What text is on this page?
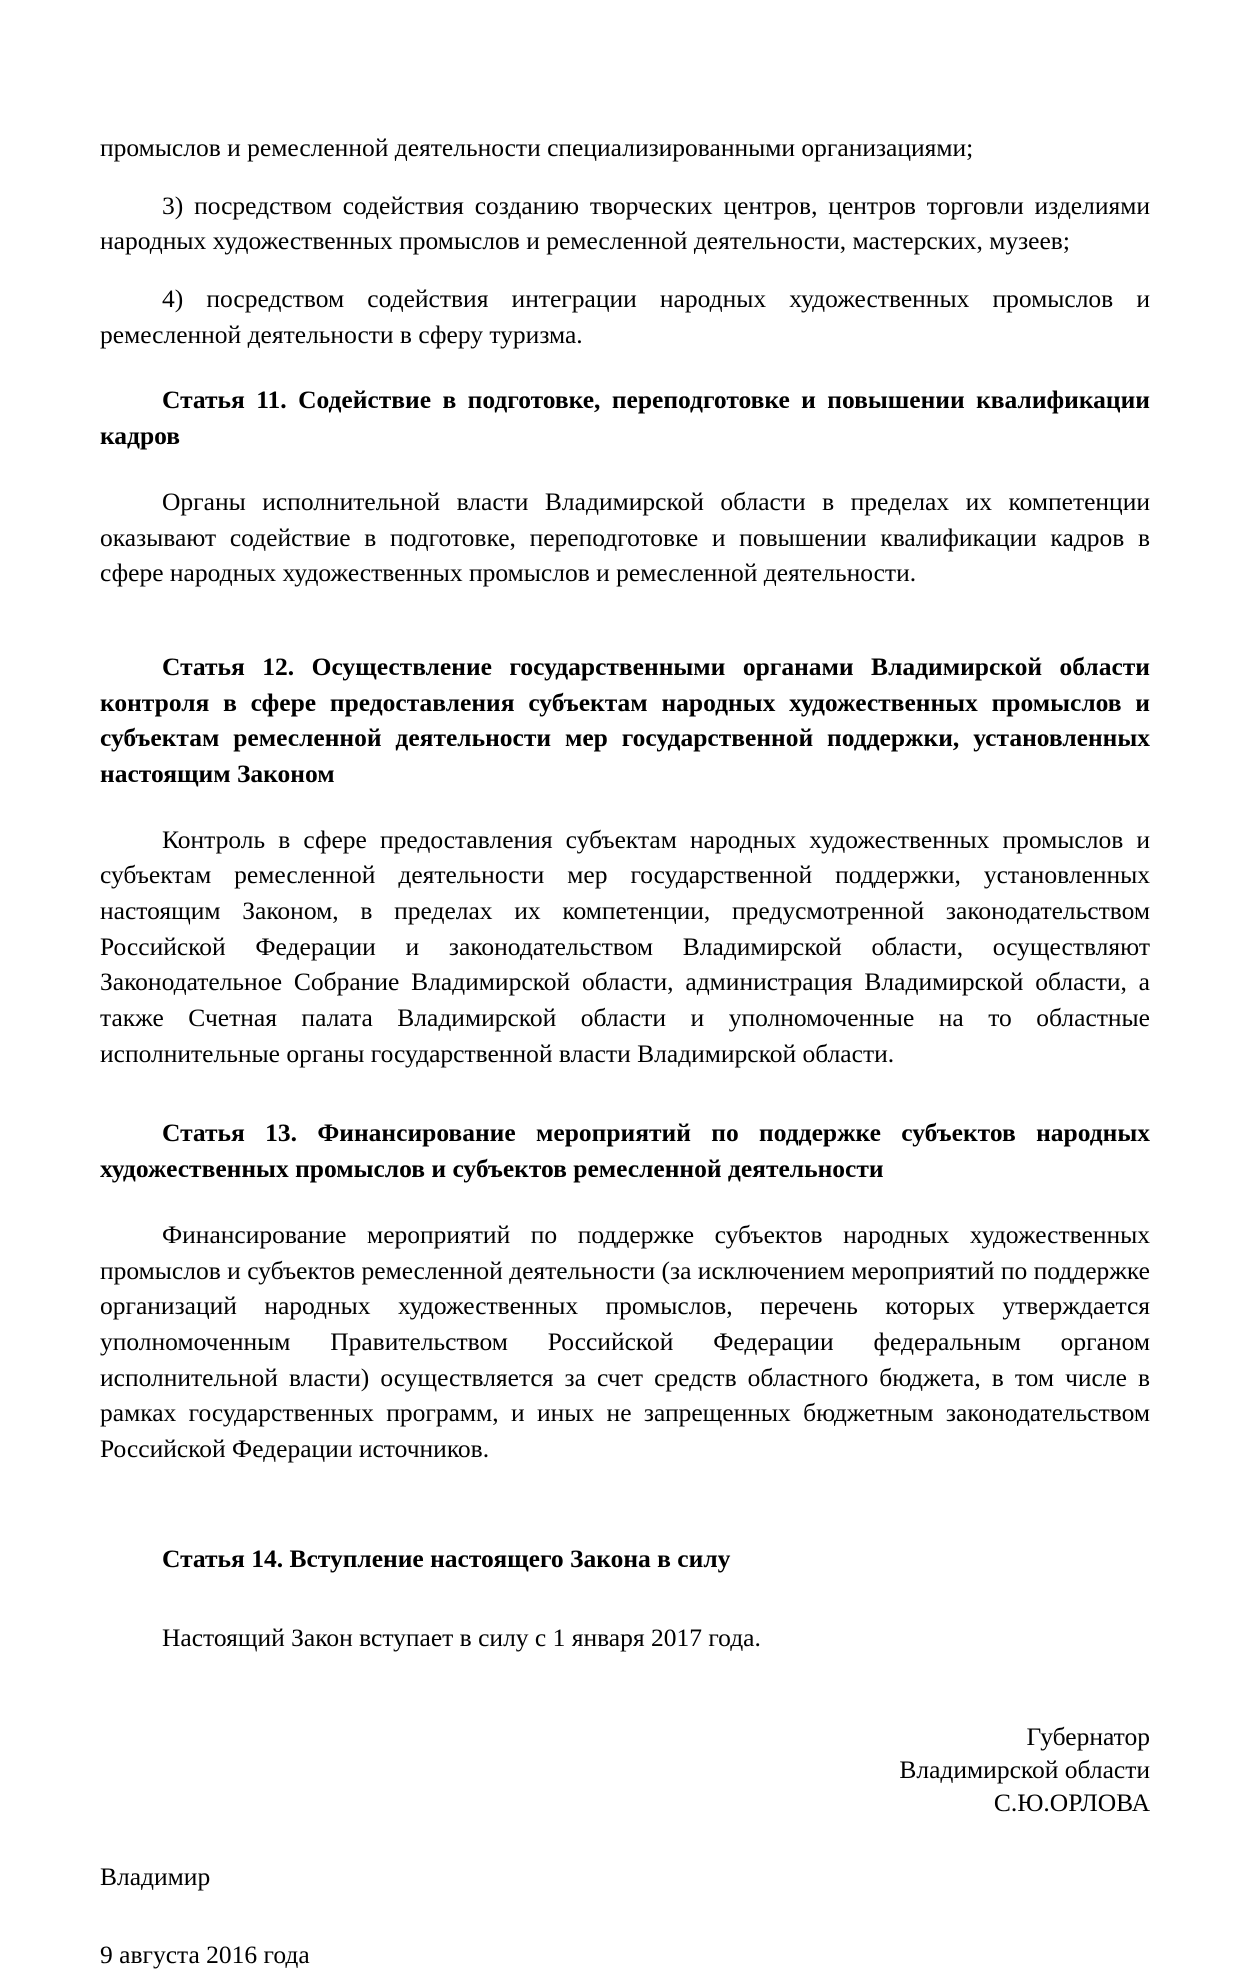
промыслов и ремесленной деятельности специализированными организациями;

3) посредством содействия созданию творческих центров, центров торговли изделиями народных художественных промыслов и ремесленной деятельности, мастерских, музеев;

4) посредством содействия интеграции народных художественных промыслов и ремесленной деятельности в сферу туризма.

Статья 11. Содействие в подготовке, переподготовке и повышении квалификации кадров

Органы исполнительной власти Владимирской области в пределах их компетенции оказывают содействие в подготовке, переподготовке и повышении квалификации кадров в сфере народных художественных промыслов и ремесленной деятельности.

Статья 12. Осуществление государственными органами Владимирской области контроля в сфере предоставления субъектам народных художественных промыслов и субъектам ремесленной деятельности мер государственной поддержки, установленных настоящим Законом

Контроль в сфере предоставления субъектам народных художественных промыслов и субъектам ремесленной деятельности мер государственной поддержки, установленных настоящим Законом, в пределах их компетенции, предусмотренной законодательством Российской Федерации и законодательством Владимирской области, осуществляют Законодательное Собрание Владимирской области, администрация Владимирской области, а также Счетная палата Владимирской области и уполномоченные на то областные исполнительные органы государственной власти Владимирской области.

Статья 13. Финансирование мероприятий по поддержке субъектов народных художественных промыслов и субъектов ремесленной деятельности

Финансирование мероприятий по поддержке субъектов народных художественных промыслов и субъектов ремесленной деятельности (за исключением мероприятий по поддержке организаций народных художественных промыслов, перечень которых утверждается уполномоченным Правительством Российской Федерации федеральным органом исполнительной власти) осуществляется за счет средств областного бюджета, в том числе в рамках государственных программ, и иных не запрещенных бюджетным законодательством Российской Федерации источников.

Статья 14. Вступление настоящего Закона в силу

Настоящий Закон вступает в силу с 1 января 2017 года.

Губернатор
Владимирской области
С.Ю.ОРЛОВА
Владимир
9 августа 2016 года
